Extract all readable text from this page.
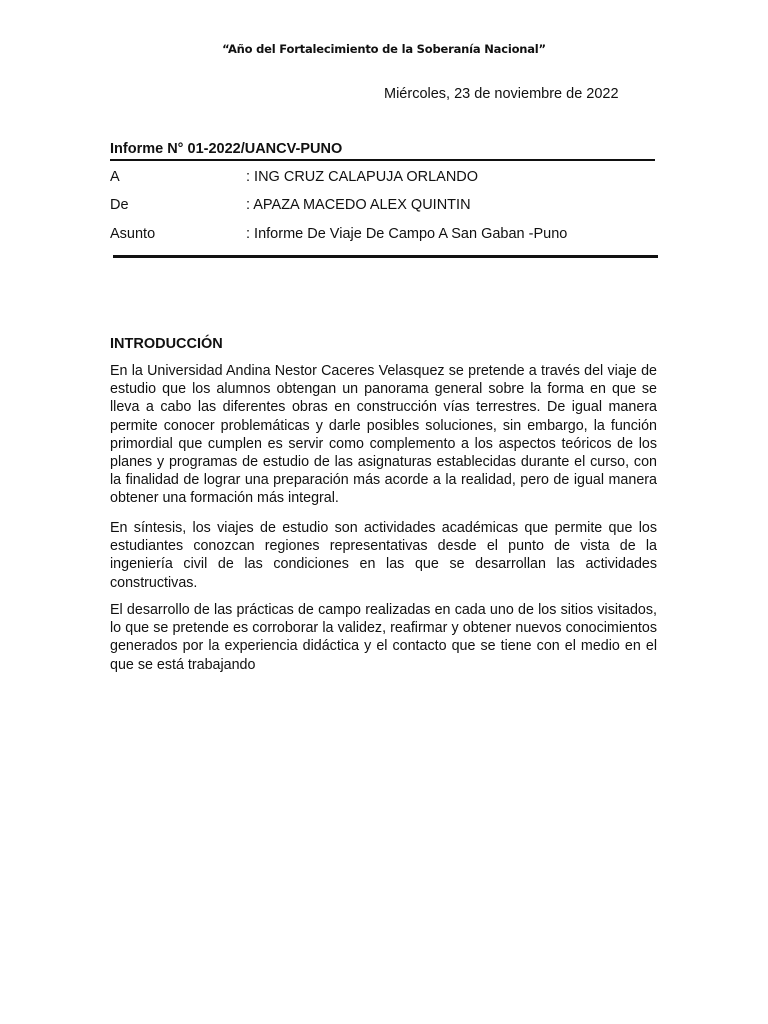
“Año del Fortalecimiento de la Soberanía Nacional”
Miércoles, 23 de noviembre de 2022
Informe N° 01-2022/UANCV-PUNO
A	: ING CRUZ CALAPUJA ORLANDO
De	: APAZA MACEDO ALEX QUINTIN
Asunto	: Informe De Viaje De Campo A San Gaban -Puno
INTRODUCCIÓN

En la Universidad Andina Nestor Caceres Velasquez se pretende a través del viaje de estudio que los alumnos obtengan un panorama general sobre la forma en que se lleva a cabo las diferentes obras en construcción vías terrestres. De igual manera permite conocer problemáticas y darle posibles soluciones, sin embargo, la función primordial que cumplen es servir como complemento a los aspectos teóricos de los planes y programas de estudio de las asignaturas establecidas durante el curso, con la finalidad de lograr una preparación más acorde a la realidad, pero de igual manera obtener una formación más integral.

En síntesis, los viajes de estudio son actividades académicas que permite que los estudiantes conozcan regiones representativas desde el punto de vista de la ingeniería civil de las condiciones en las que se desarrollan las actividades constructivas.

El desarrollo de las prácticas de campo realizadas en cada uno de los sitios visitados, lo que se pretende es corroborar la validez, reafirmar y obtener nuevos conocimientos generados por la experiencia didáctica y el contacto que se tiene con el medio en el que se está trabajando
